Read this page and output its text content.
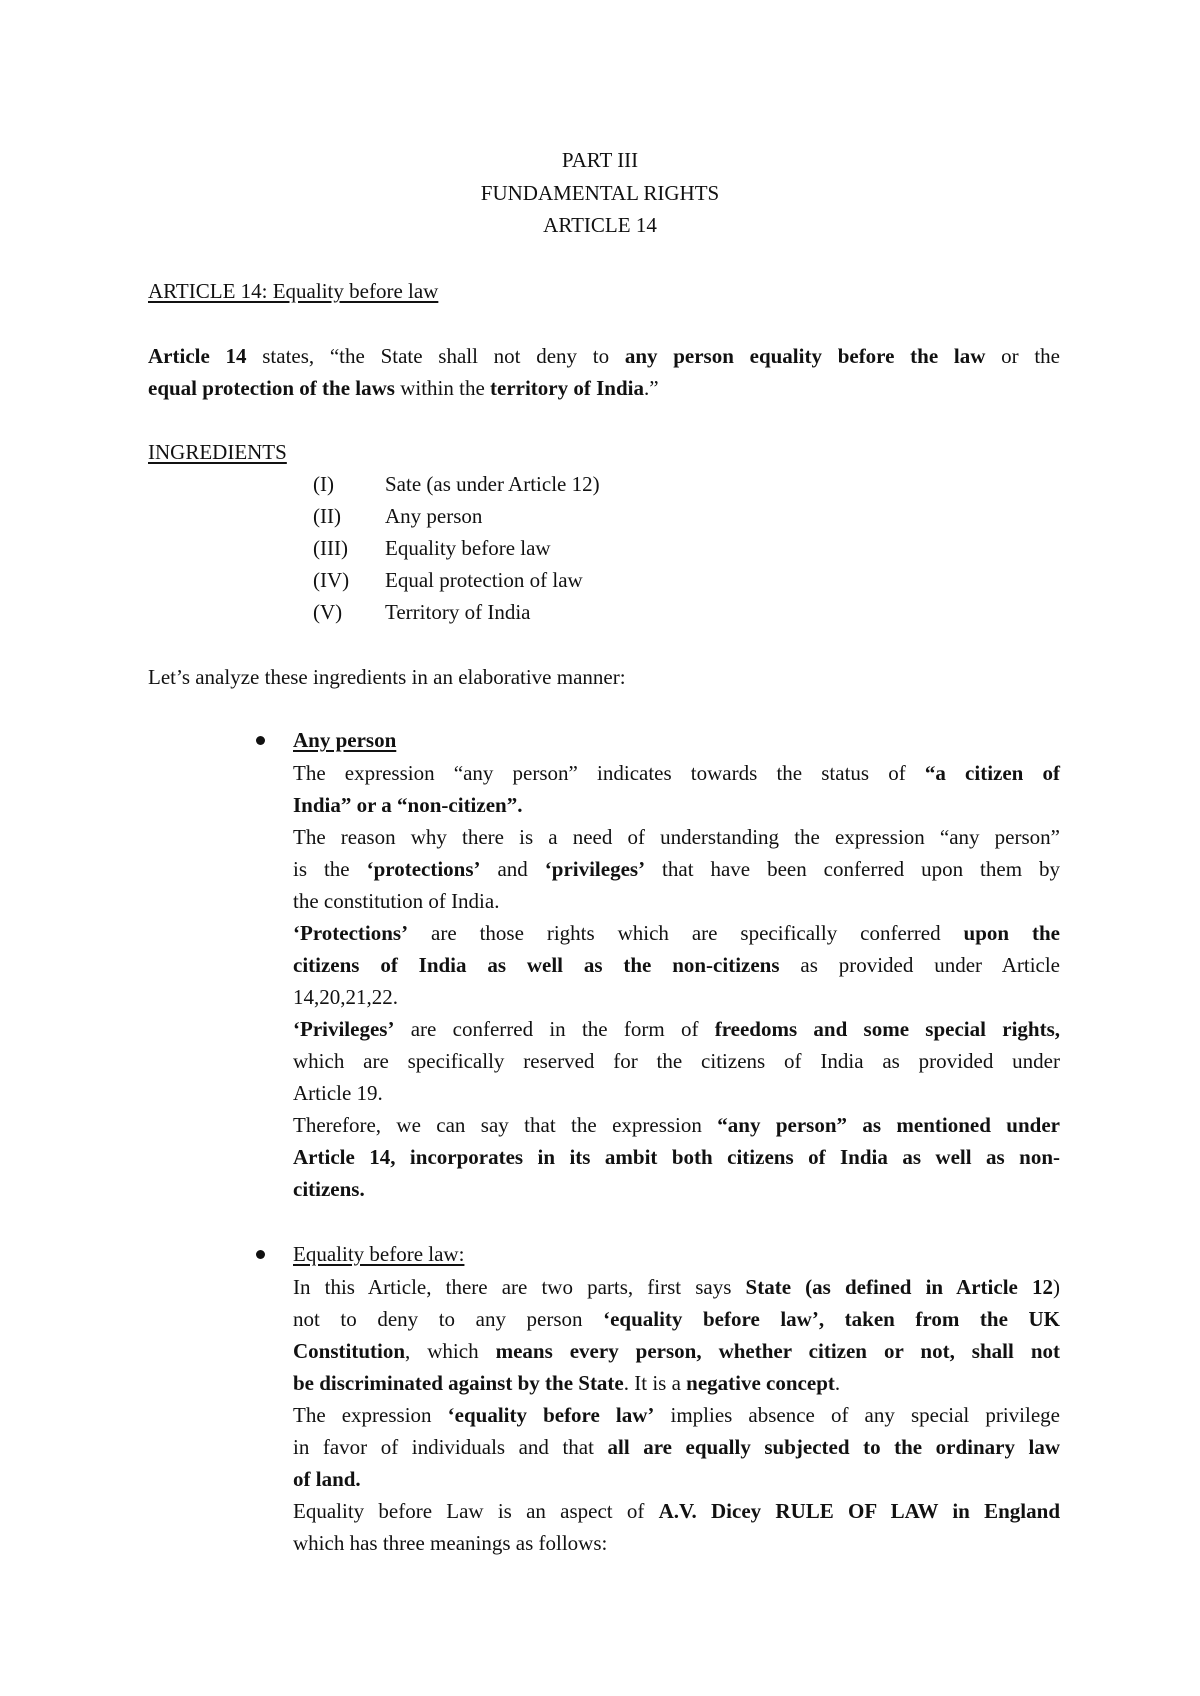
PART III
FUNDAMENTAL RIGHTS
ARTICLE 14
ARTICLE 14: Equality before law
Article 14 states, “the State shall not deny to any person equality before the law or the
equal protection of the laws within the territory of India.”
INGREDIENTS
(I) Sate (as under Article 12)
(II) Any person
(III) Equality before law
(IV) Equal protection of law
(V) Territory of India
Let’s analyze these ingredients in an elaborative manner:
Any person
The expression “any person” indicates towards the status of “a citizen of
India” or a “non-citizen”.
The reason why there is a need of understanding the expression “any person”
is the ‘protections’ and ‘privileges’ that have been conferred upon them by
the constitution of India.
‘Protections’ are those rights which are specifically conferred upon the
citizens of India as well as the non-citizens as provided under Article
14,20,21,22.
‘Privileges’ are conferred in the form of freedoms and some special rights,
which are specifically reserved for the citizens of India as provided under
Article 19.
Therefore, we can say that the expression “any person” as mentioned under
Article 14, incorporates in its ambit both citizens of India as well as non-
citizens.
Equality before law:
In this Article, there are two parts, first says State (as defined in Article 12)
not to deny to any person ‘equality before law’, taken from the UK
Constitution, which means every person, whether citizen or not, shall not
be discriminated against by the State. It is a negative concept.
The expression ‘equality before law’ implies absence of any special privilege
in favor of individuals and that all are equally subjected to the ordinary law
of land.
Equality before Law is an aspect of A.V. Dicey RULE OF LAW in England
which has three meanings as follows:
